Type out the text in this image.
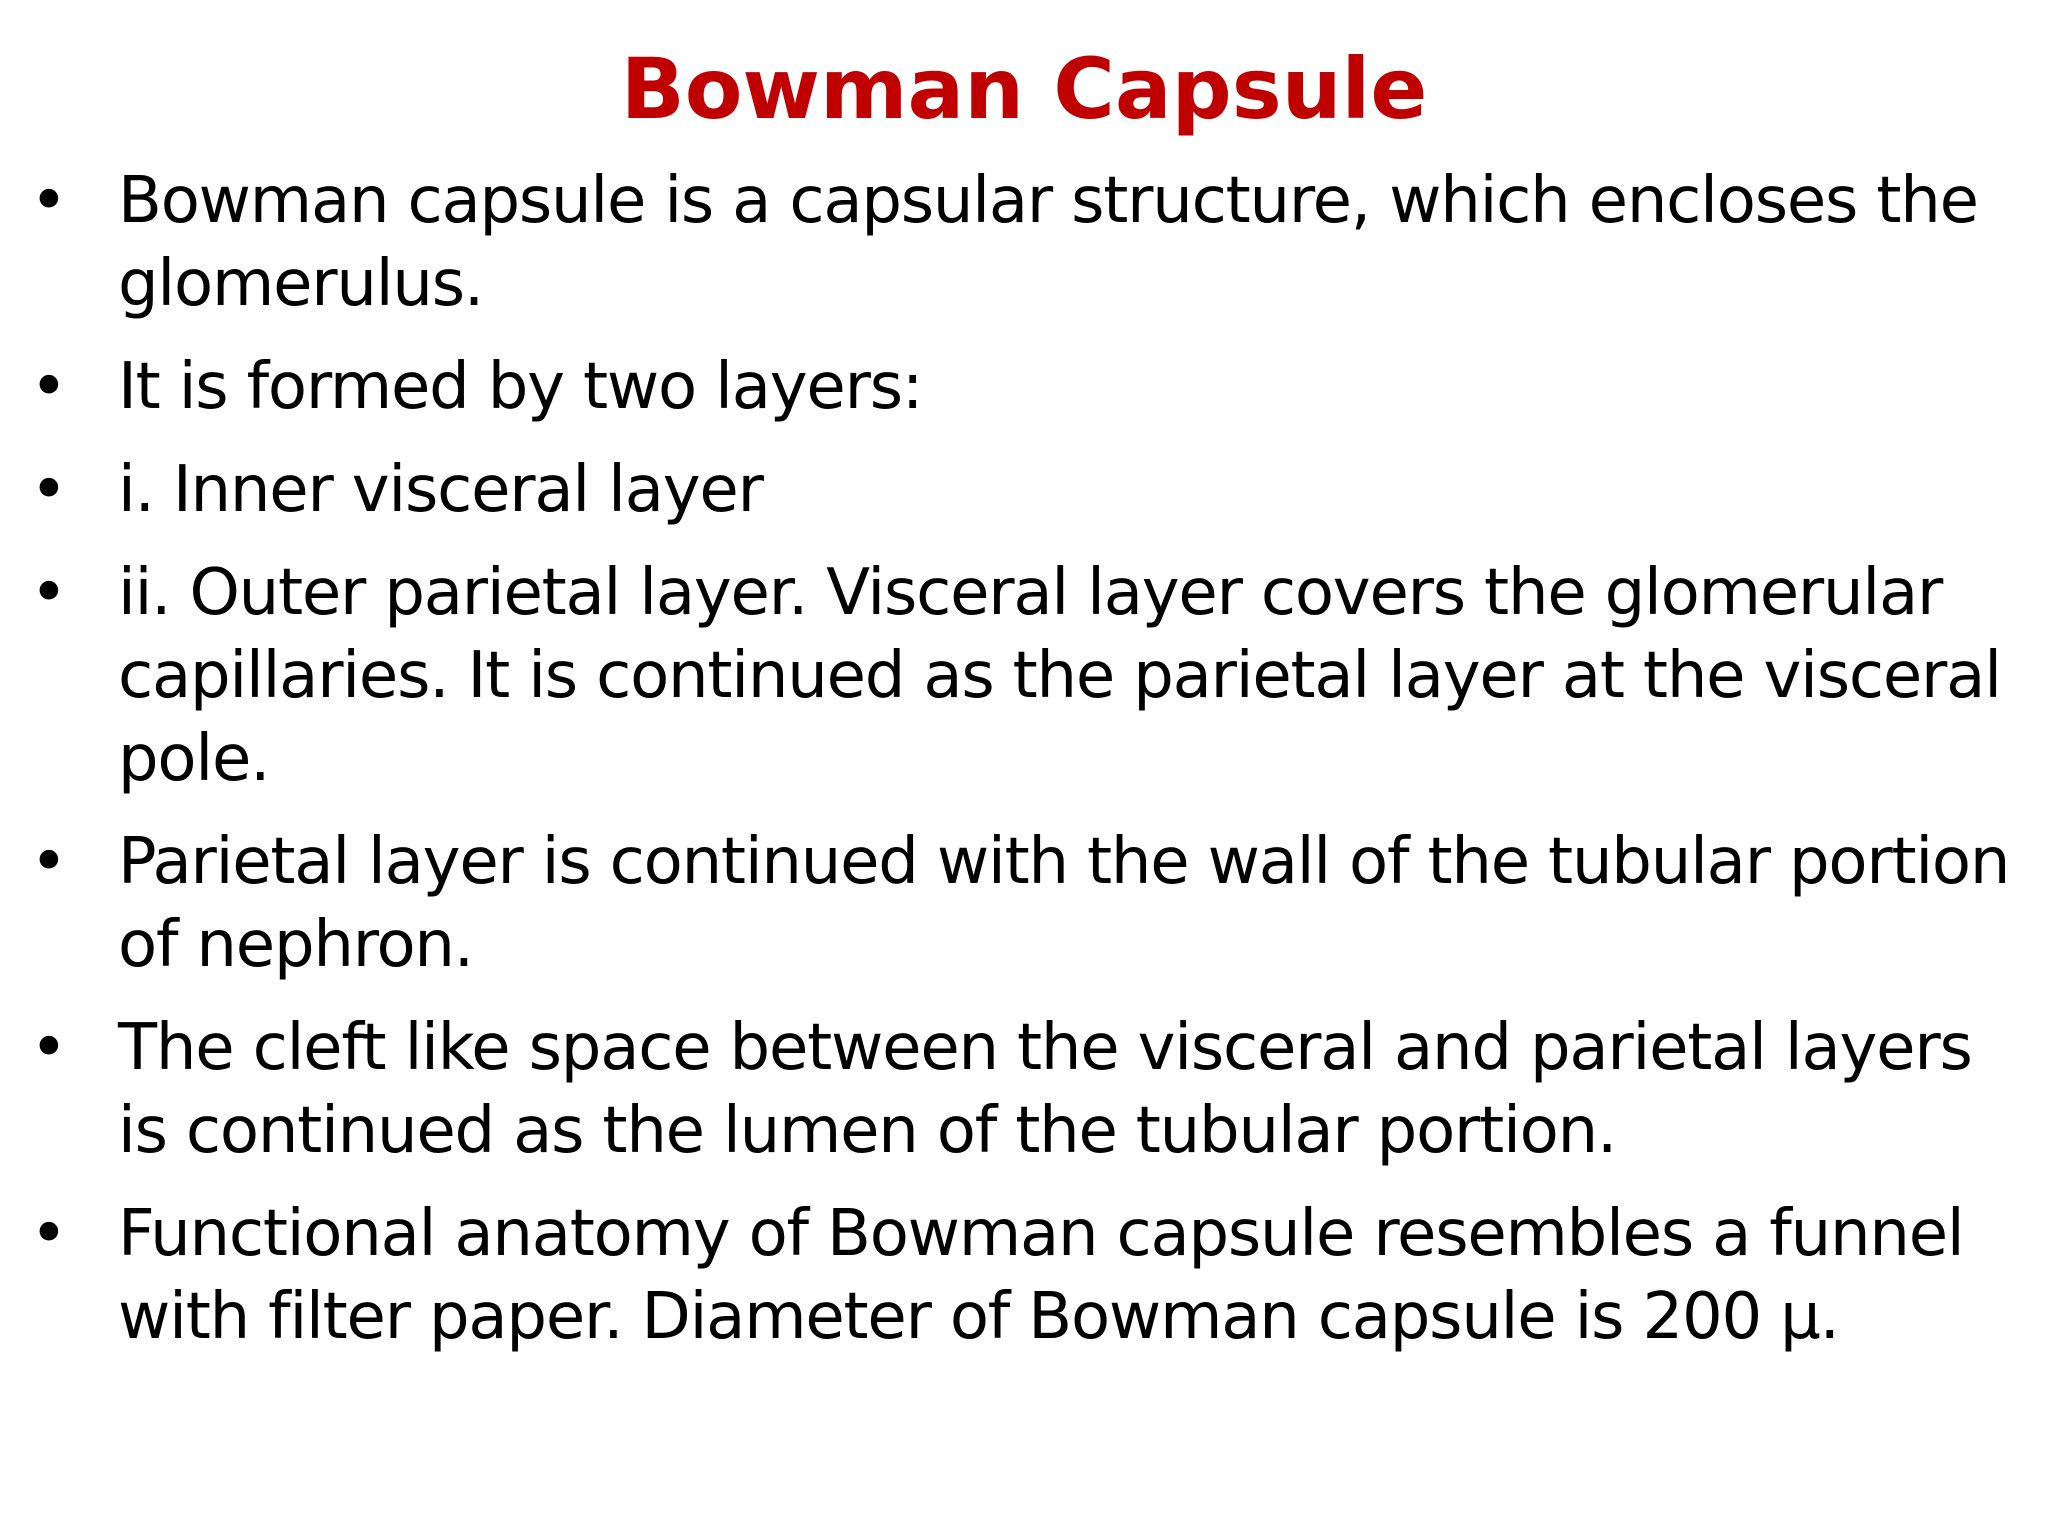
Bowman Capsule
• Bowman capsule is a capsular structure, which encloses the glomerulus.
• It is formed by two layers:
• i. Inner visceral layer
• ii. Outer parietal layer. Visceral layer covers the glomerular capillaries. It is continued as the parietal layer at the visceral pole.
• Parietal layer is continued with the wall of the tubular portion of nephron.
• The cleft like space between the visceral and parietal layers is continued as the lumen of the tubular portion.
• Functional anatomy of Bowman capsule resembles a funnel with filter paper. Diameter of Bowman capsule is 200 µ.
